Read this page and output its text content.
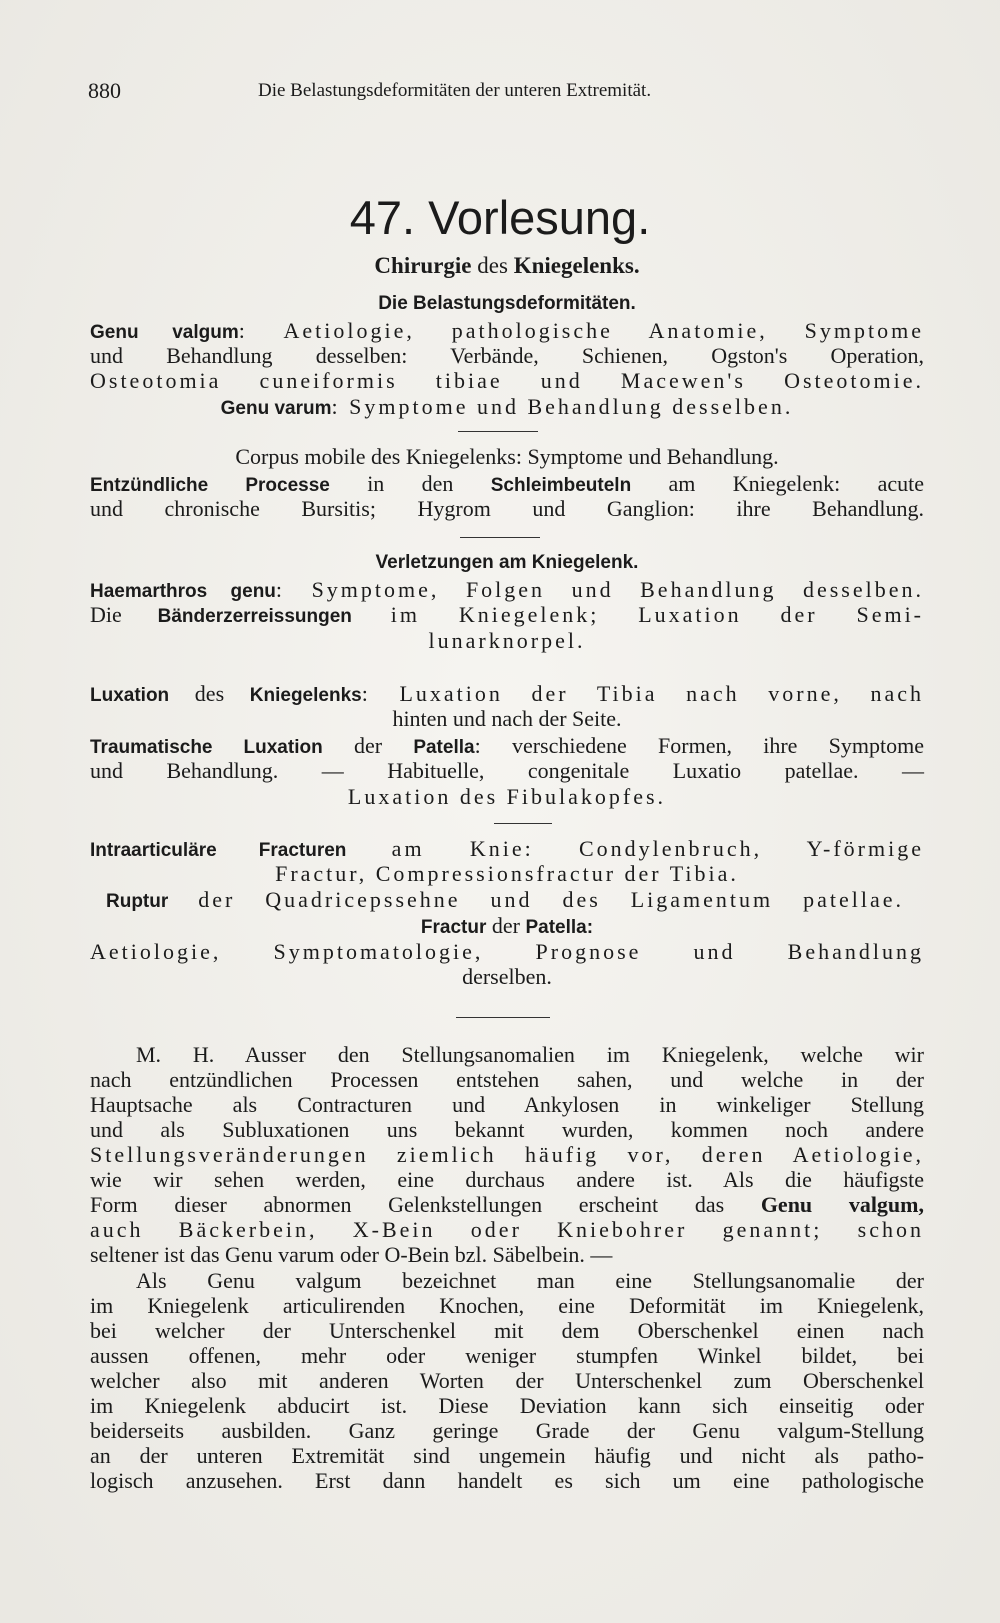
880	Die Belastungsdeformitäten der unteren Extremität.
47. Vorlesung.
Chirurgie des Kniegelenks.
Die Belastungsdeformitäten.
Genu valgum: Aetiologie, pathologische Anatomie, Symptome
und Behandlung desselben: Verbände, Schienen, Ogston's Operation,
Osteotomia cuneiformis tibiae und Macewen's Osteotomie.
Genu varum: Symptome und Behandlung desselben.
Corpus mobile des Kniegelenks: Symptome und Behandlung.
Entzündliche Processe in den Schleimbeuteln am Kniegelenk: acute
und chronische Bursitis; Hygrom und Ganglion: ihre Behandlung.
Verletzungen am Kniegelenk.
Haemarthros genu: Symptome, Folgen und Behandlung desselben.
Die Bänderzerreissungen im Kniegelenk; Luxation der Semi-
lunarknorpel.
Luxation des Kniegelenks: Luxation der Tibia nach vorne, nach
hinten und nach der Seite.
Traumatische Luxation der Patella: verschiedene Formen, ihre Symptome
und Behandlung. — Habituelle, congenitale Luxatio patellae. —
Luxation des Fibulakopfes.
Intraarticuläre Fracturen am Knie: Condylenbruch, Y-förmige
Fractur, Compressionsfractur der Tibia.
Ruptur der Quadricepssehne und des Ligamentum patellae.
Fractur der Patella:
Aetiologie, Symptomatologie, Prognose und Behandlung
derselben.
M. H. Ausser den Stellungsanomalien im Kniegelenk, welche wir
nach entzündlichen Processen entstehen sahen, und welche in der
Hauptsache als Contracturen und Ankylosen in winkeliger Stellung
und als Subluxationen uns bekannt wurden, kommen noch andere
Stellungsveränderungen ziemlich häufig vor, deren Aetiologie,
wie wir sehen werden, eine durchaus andere ist. Als die häufigste
Form dieser abnormen Gelenkstellungen erscheint das Genu valgum,
auch Bäckerbein, X-Bein oder Kniebohrer genannt; schon
seltener ist das Genu varum oder O-Bein bzl. Säbelbein. —
Als Genu valgum bezeichnet man eine Stellungsanomalie der
im Kniegelenk articulirenden Knochen, eine Deformität im Kniegelenk,
bei welcher der Unterschenkel mit dem Oberschenkel einen nach
aussen offenen, mehr oder weniger stumpfen Winkel bildet, bei
welcher also mit anderen Worten der Unterschenkel zum Oberschenkel
im Kniegelenk abducirt ist. Diese Deviation kann sich einseitig oder
beiderseits ausbilden. Ganz geringe Grade der Genu valgum-Stellung
an der unteren Extremität sind ungemein häufig und nicht als patho-
logisch anzusehen. Erst dann handelt es sich um eine pathologische
